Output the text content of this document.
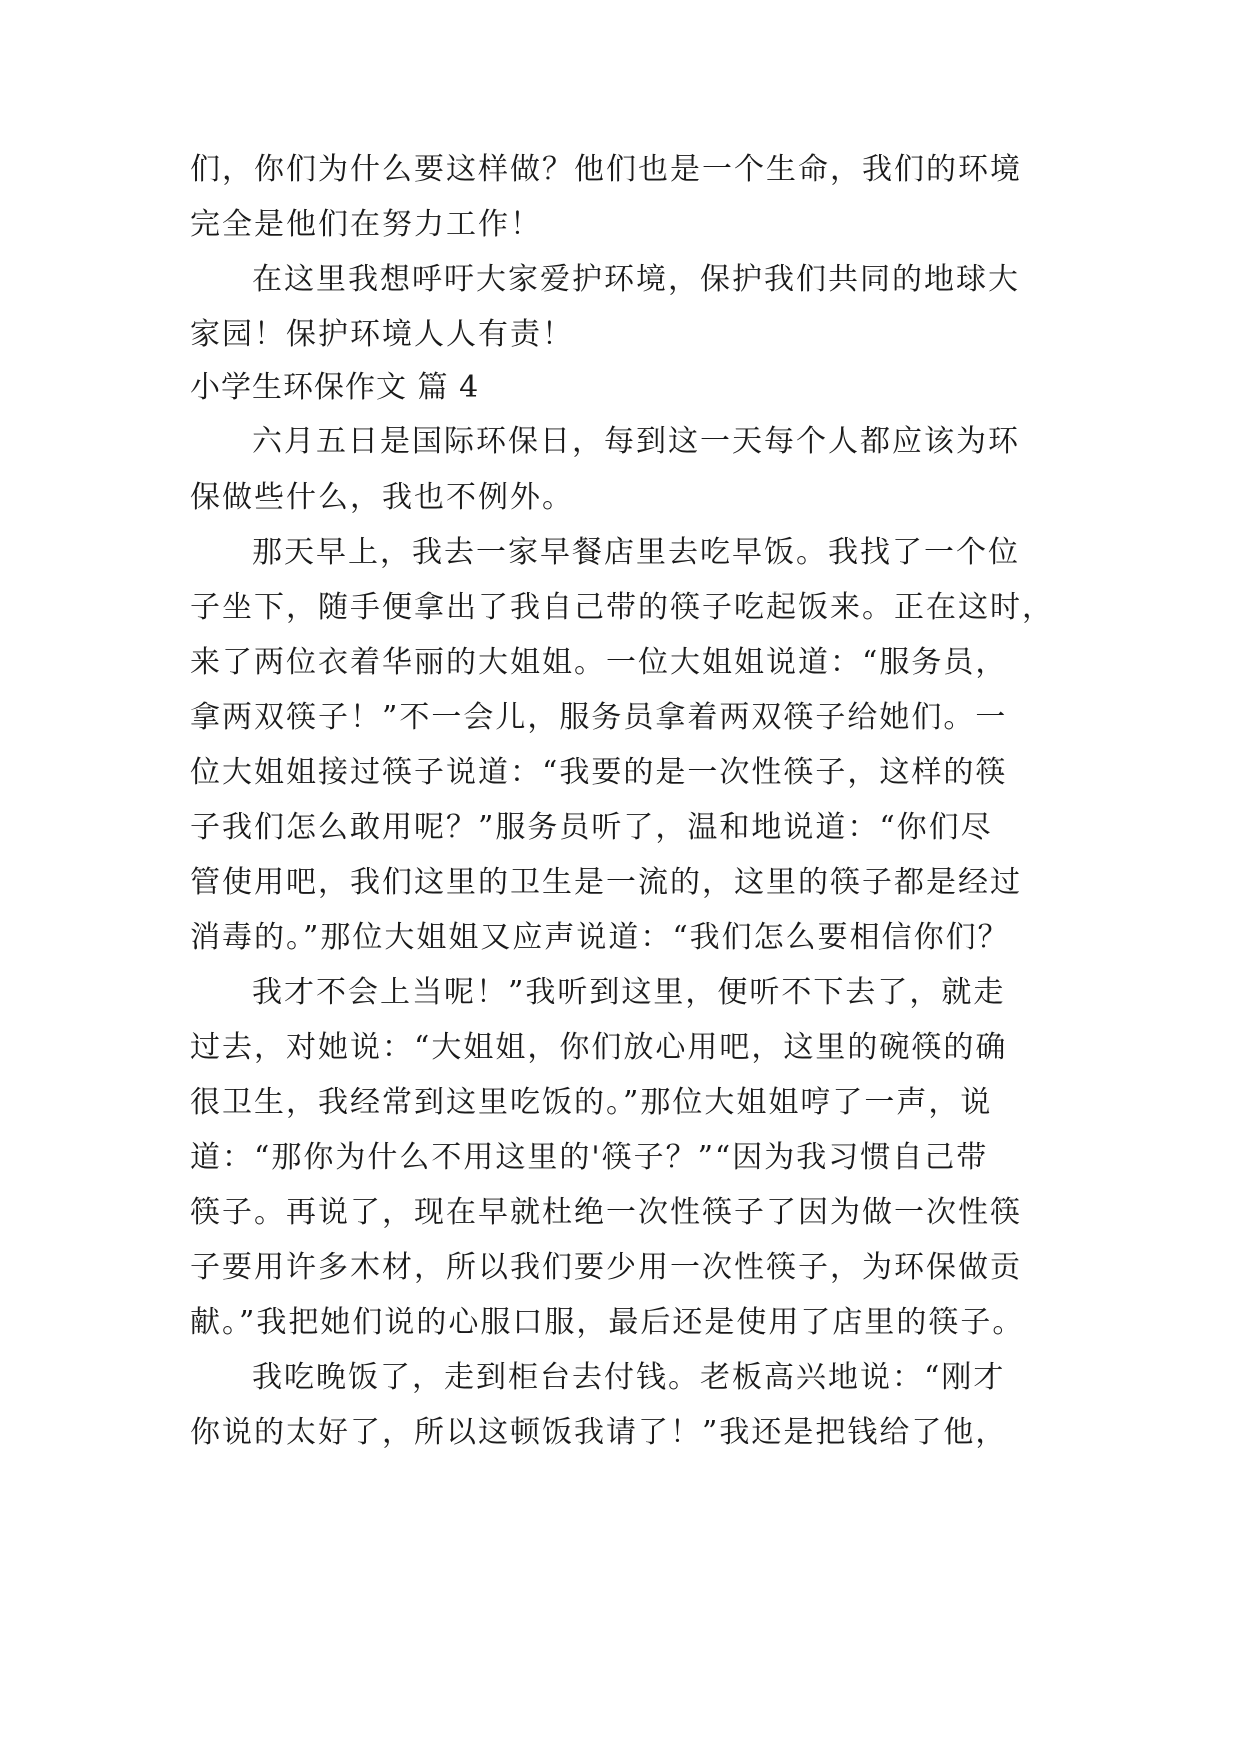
们，你们为什么要这样做？他们也是一个生命，我们的环境
完全是他们在努力工作！
在这里我想呼吁大家爱护环境，保护我们共同的地球大
家园！保护环境人人有责！
小学生环保作文 篇 4
六月五日是国际环保日，每到这一天每个人都应该为环
保做些什么，我也不例外。
那天早上，我去一家早餐店里去吃早饭。我找了一个位
子坐下，随手便拿出了我自己带的筷子吃起饭来。正在这时，
来了两位衣着华丽的大姐姐。一位大姐姐说道：“服务员，
拿两双筷子！”不一会儿，服务员拿着两双筷子给她们。一
位大姐姐接过筷子说道：“我要的是一次性筷子，这样的筷
子我们怎么敢用呢？”服务员听了，温和地说道：“你们尽
管使用吧，我们这里的卫生是一流的，这里的筷子都是经过
消毒的。”那位大姐姐又应声说道：“我们怎么要相信你们？
我才不会上当呢！”我听到这里，便听不下去了，就走
过去，对她说：“大姐姐，你们放心用吧，这里的碗筷的确
很卫生，我经常到这里吃饭的。”那位大姐姐哼了一声，说
道：“那你为什么不用这里的'筷子？”“因为我习惯自己带
筷子。再说了，现在早就杜绝一次性筷子了因为做一次性筷
子要用许多木材，所以我们要少用一次性筷子，为环保做贡
献。”我把她们说的心服口服，最后还是使用了店里的筷子。
我吃晚饭了，走到柜台去付钱。老板高兴地说：“刚才
你说的太好了，所以这顿饭我请了！”我还是把钱给了他，
